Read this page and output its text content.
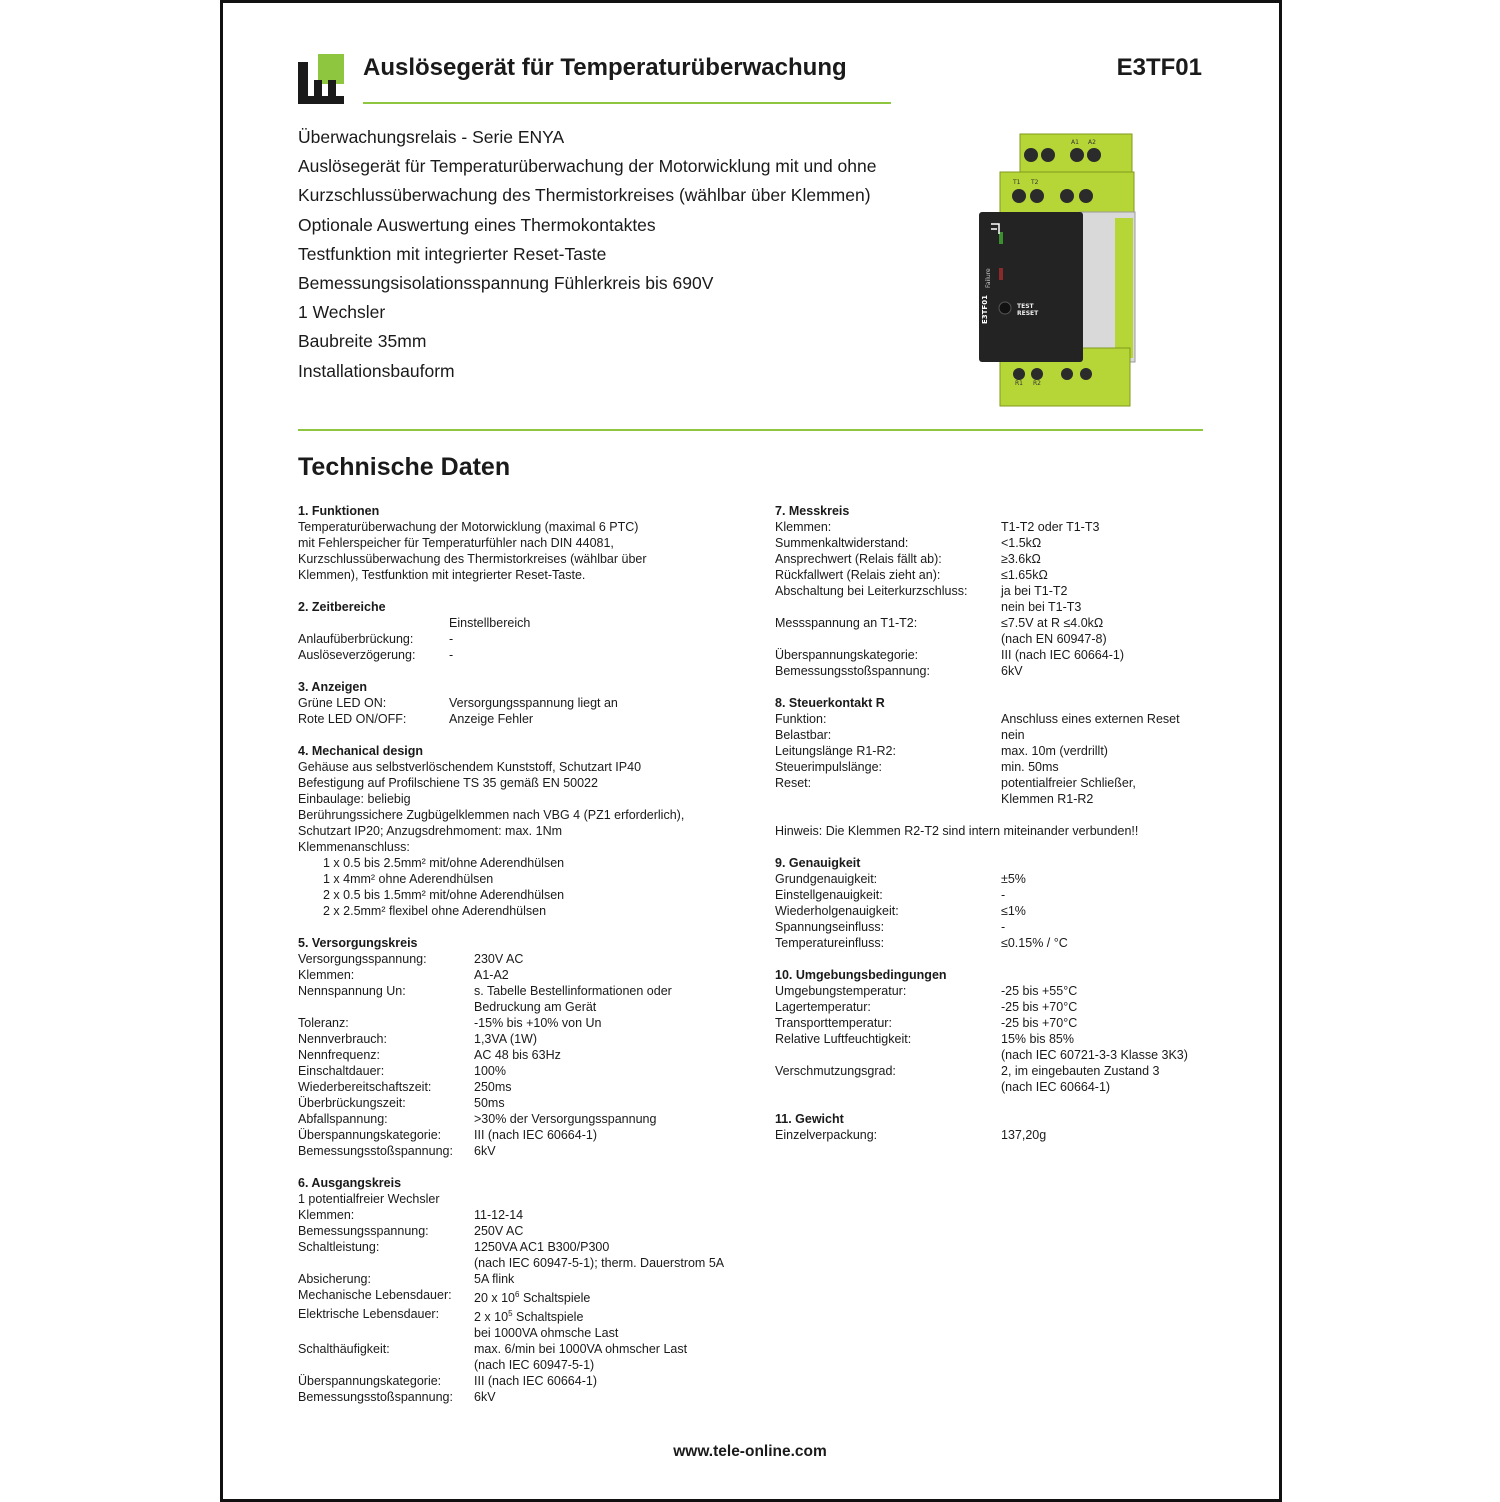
Auslösegerät für Temperaturüberwachung	E3TF01
Überwachungsrelais - Serie ENYA
Auslösegerät für Temperaturüberwachung der Motorwicklung mit und ohne
Kurzschlussüberwachung des Thermistorkreises (wählbar über Klemmen)
Optionale Auswertung eines Thermokontaktes
Testfunktion mit integrierter Reset-Taste
Bemessungsisolationsspannung Fühlerkreis bis 690V
1 Wechsler
Baubreite 35mm
Installationsbauform
A1 A2
T1 T2
R1 R2
TEST
RESET
Failure
E3TF01
Technische Daten
1. Funktionen
Temperaturüberwachung der Motorwicklung (maximal 6 PTC)
mit Fehlerspeicher für Temperaturfühler nach DIN 44081,
Kurzschlussüberwachung des Thermistorkreises (wählbar über
Klemmen), Testfunktion mit integrierter Reset-Taste.
2. Zeitbereiche
Einstellbereich
Anlaufüberbrückung:	-
Auslöseverzögerung:	-
3. Anzeigen
Grüne LED ON:	Versorgungsspannung liegt an
Rote LED ON/OFF:	Anzeige Fehler
4. Mechanical design
Gehäuse aus selbstverlöschendem Kunststoff, Schutzart IP40
Befestigung auf Profilschiene TS 35 gemäß EN 50022
Einbaulage: beliebig
Berührungssichere Zugbügelklemmen nach VBG 4 (PZ1 erforderlich),
Schutzart IP20; Anzugsdrehmoment: max. 1Nm
Klemmenanschluss:
1 x 0.5 bis 2.5mm² mit/ohne Aderendhülsen
1 x 4mm² ohne Aderendhülsen
2 x 0.5 bis 1.5mm² mit/ohne Aderendhülsen
2 x 2.5mm² flexibel ohne Aderendhülsen
5. Versorgungskreis
Versorgungsspannung:	230V AC
Klemmen:	A1-A2
Nennspannung Un:	s. Tabelle Bestellinformationen oder
Bedruckung am Gerät
Toleranz:	-15% bis +10% von Un
Nennverbrauch:	1,3VA (1W)
Nennfrequenz:	AC 48 bis 63Hz
Einschaltdauer:	100%
Wiederbereitschaftszeit:	250ms
Überbrückungszeit:	50ms
Abfallspannung:	>30% der Versorgungsspannung
Überspannungskategorie:	III (nach IEC 60664-1)
Bemessungsstoßspannung:	6kV
6. Ausgangskreis
1 potentialfreier Wechsler
Klemmen:	11-12-14
Bemessungsspannung:	250V AC
Schaltleistung:	1250VA AC1 B300/P300
(nach IEC 60947-5-1); therm. Dauerstrom 5A
Absicherung:	5A flink
Mechanische Lebensdauer:	20 x $10^6$ Schaltspiele
Elektrische Lebensdauer:	2 x $10^5$ Schaltspiele
bei 1000VA ohmsche Last
Schalthäufigkeit:	max. 6/min bei 1000VA ohmscher Last
(nach IEC 60947-5-1)
Überspannungskategorie:	III (nach IEC 60664-1)
Bemessungsstoßspannung:	6kV
7. Messkreis
Klemmen:	T1-T2 oder T1-T3
Summenkaltwiderstand:	<1.5kΩ
Ansprechwert (Relais fällt ab):	≥3.6kΩ
Rückfallwert (Relais zieht an):	≤1.65kΩ
Abschaltung bei Leiterkurzschluss:	ja bei T1-T2
nein bei T1-T3
Messspannung an T1-T2:	≤7.5V at R ≤4.0kΩ
(nach EN 60947-8)
Überspannungskategorie:	III (nach IEC 60664-1)
Bemessungsstoßspannung:	6kV
8. Steuerkontakt R
Funktion:	Anschluss eines externen Reset
Belastbar:	nein
Leitungslänge R1-R2:	max. 10m (verdrillt)
Steuerimpulslänge:	min. 50ms
Reset:	potentialfreier Schließer,
Klemmen R1-R2
Hinweis: Die Klemmen R2-T2 sind intern miteinander verbunden!!
9. Genauigkeit
Grundgenauigkeit:	±5%
Einstellgenauigkeit:	-
Wiederholgenauigkeit:	≤1%
Spannungseinfluss:	-
Temperatureinfluss:	≤0.15% / °C
10. Umgebungsbedingungen
Umgebungstemperatur:	-25 bis +55°C
Lagertemperatur:	-25 bis +70°C
Transporttemperatur:	-25 bis +70°C
Relative Luftfeuchtigkeit:	15% bis 85%
(nach IEC 60721-3-3 Klasse 3K3)
Verschmutzungsgrad:	2, im eingebauten Zustand 3
(nach IEC 60664-1)
11. Gewicht
Einzelverpackung:	137,20g
www.tele-online.com
